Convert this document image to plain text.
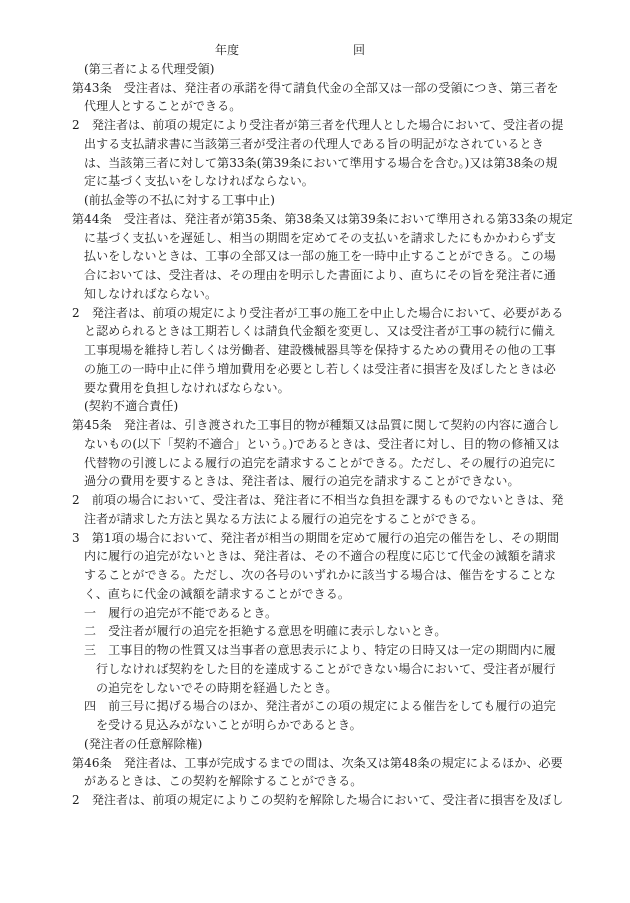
年度	回
(第三者による代理受領)
第43条　受注者は、発注者の承諾を得て請負代金の全部又は一部の受領につき、第三者を
代理人とすることができる。
2　発注者は、前項の規定により受注者が第三者を代理人とした場合において、受注者の提
出する支払請求書に当該第三者が受注者の代理人である旨の明記がなされているとき
は、当該第三者に対して第33条(第39条において準用する場合を含む。)又は第38条の規
定に基づく支払いをしなければならない。
(前払金等の不払に対する工事中止)
第44条　受注者は、発注者が第35条、第38条又は第39条において準用される第33条の規定
に基づく支払いを遅延し、相当の期間を定めてその支払いを請求したにもかかわらず支
払いをしないときは、工事の全部又は一部の施工を一時中止することができる。この場
合においては、受注者は、その理由を明示した書面により、直ちにその旨を発注者に通
知しなければならない。
2　発注者は、前項の規定により受注者が工事の施工を中止した場合において、必要がある
と認められるときは工期若しくは請負代金額を変更し、又は受注者が工事の続行に備え
工事現場を維持し若しくは労働者、建設機械器具等を保持するための費用その他の工事
の施工の一時中止に伴う増加費用を必要とし若しくは受注者に損害を及ぼしたときは必
要な費用を負担しなければならない。
(契約不適合責任)
第45条　発注者は、引き渡された工事目的物が種類又は品質に関して契約の内容に適合し
ないもの(以下「契約不適合」という。)であるときは、受注者に対し、目的物の修補又は
代替物の引渡しによる履行の追完を請求することができる。ただし、その履行の追完に
過分の費用を要するときは、発注者は、履行の追完を請求することができない。
2　前項の場合において、受注者は、発注者に不相当な負担を課するものでないときは、発
注者が請求した方法と異なる方法による履行の追完をすることができる。
3　第1項の場合において、発注者が相当の期間を定めて履行の追完の催告をし、その期間
内に履行の追完がないときは、発注者は、その不適合の程度に応じて代金の減額を請求
することができる。ただし、次の各号のいずれかに該当する場合は、催告をすることな
く、直ちに代金の減額を請求することができる。
一　履行の追完が不能であるとき。
二　受注者が履行の追完を拒絶する意思を明確に表示しないとき。
三　工事目的物の性質又は当事者の意思表示により、特定の日時又は一定の期間内に履
行しなければ契約をした目的を達成することができない場合において、受注者が履行
の追完をしないでその時期を経過したとき。
四　前三号に掲げる場合のほか、発注者がこの項の規定による催告をしても履行の追完
を受ける見込みがないことが明らかであるとき。
(発注者の任意解除権)
第46条　発注者は、工事が完成するまでの間は、次条又は第48条の規定によるほか、必要
があるときは、この契約を解除することができる。
2　発注者は、前項の規定によりこの契約を解除した場合において、受注者に損害を及ぼし
